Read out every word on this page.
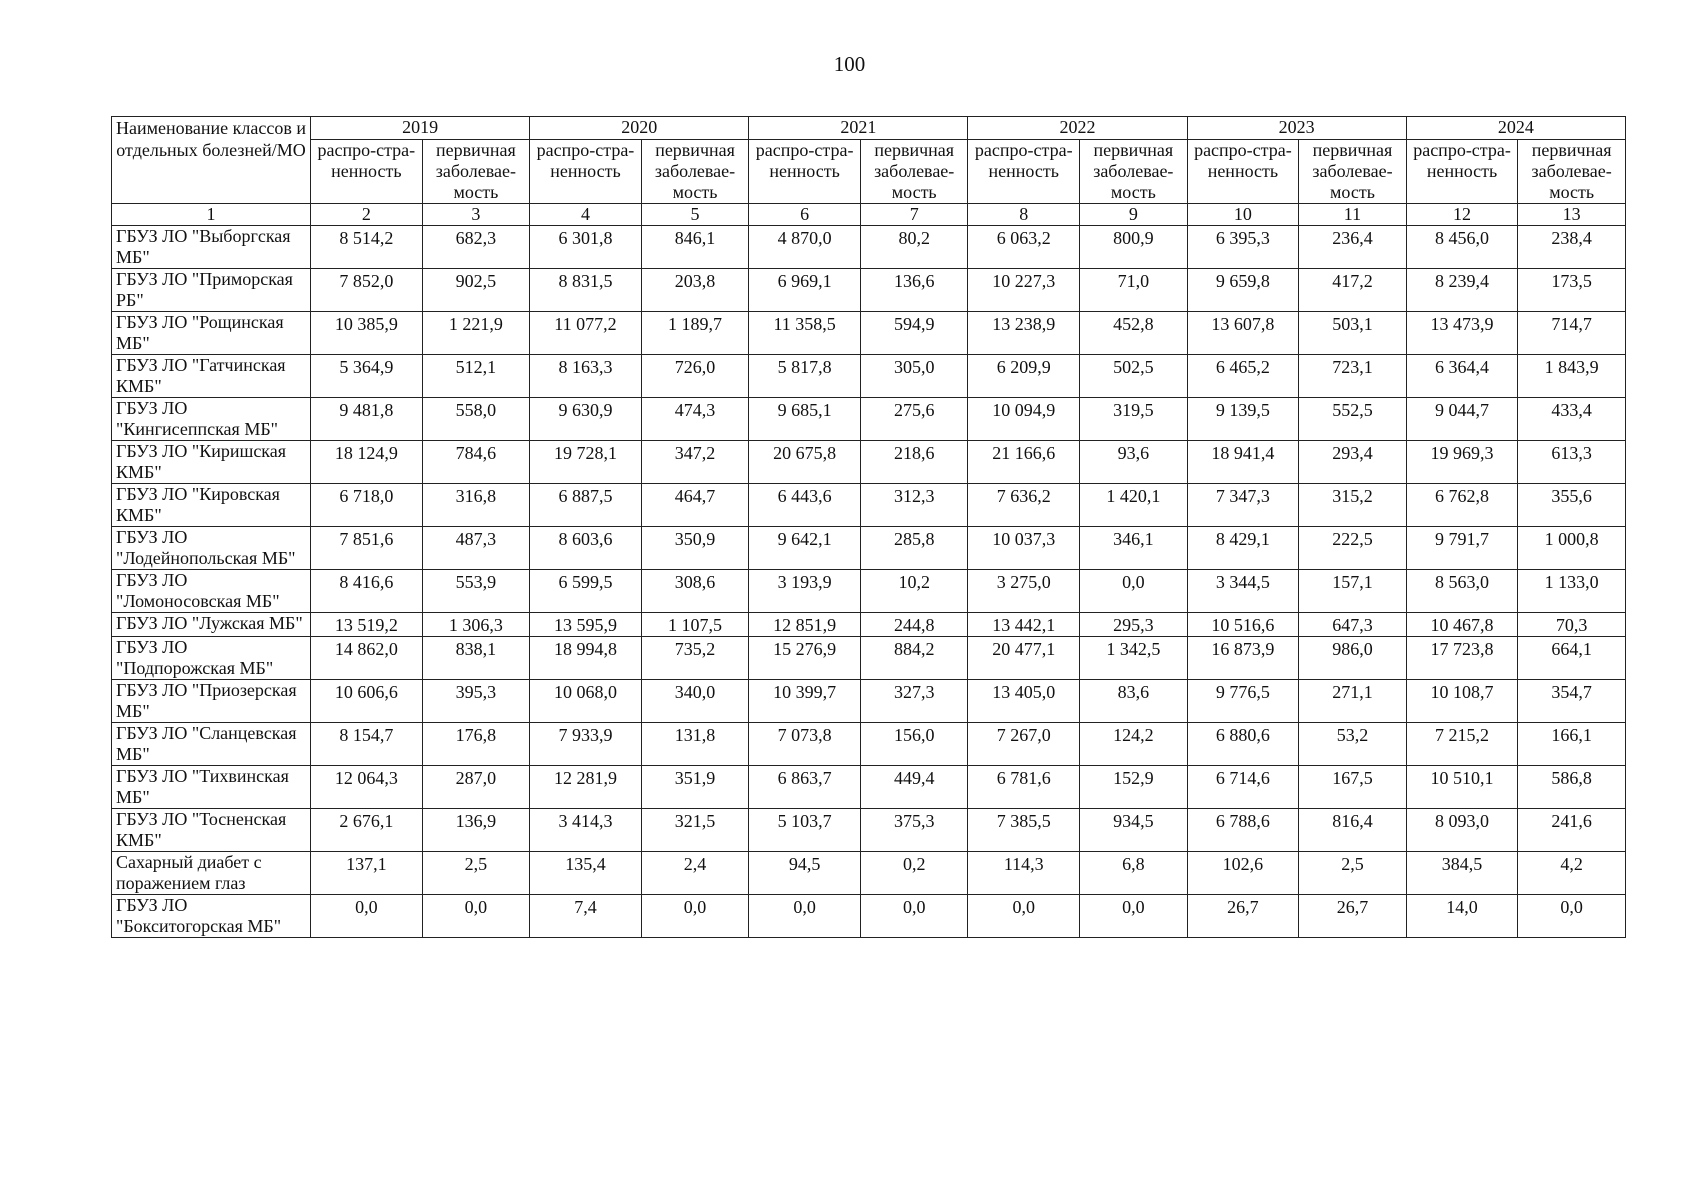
100
Наименование классов и отдельных болезней/МО	2019		2020		2021		2022		2023		2024	
	распро-стра-ненность	первичная заболевае-мость	распро-стра-ненность	первичная заболевае-мость	распро-стра-ненность	первичная заболевае-мость	распро-стра-ненность	первичная заболевае-мость	распро-стра-ненность	первичная заболевае-мость	распро-стра-ненность	первичная заболевае-мость
1	2	3	4	5	6	7	8	9	10	11	12	13
ГБУЗ ЛО "Выборгская МБ"	8 514,2	682,3	6 301,8	846,1	4 870,0	80,2	6 063,2	800,9	6 395,3	236,4	8 456,0	238,4
ГБУЗ ЛО "Приморская РБ"	7 852,0	902,5	8 831,5	203,8	6 969,1	136,6	10 227,3	71,0	9 659,8	417,2	8 239,4	173,5
ГБУЗ ЛО "Рощинская МБ"	10 385,9	1 221,9	11 077,2	1 189,7	11 358,5	594,9	13 238,9	452,8	13 607,8	503,1	13 473,9	714,7
ГБУЗ ЛО "Гатчинская КМБ"	5 364,9	512,1	8 163,3	726,0	5 817,8	305,0	6 209,9	502,5	6 465,2	723,1	6 364,4	1 843,9
ГБУЗ ЛО "Кингисеппская МБ"	9 481,8	558,0	9 630,9	474,3	9 685,1	275,6	10 094,9	319,5	9 139,5	552,5	9 044,7	433,4
ГБУЗ ЛО "Киришская КМБ"	18 124,9	784,6	19 728,1	347,2	20 675,8	218,6	21 166,6	93,6	18 941,4	293,4	19 969,3	613,3
ГБУЗ ЛО "Кировская КМБ"	6 718,0	316,8	6 887,5	464,7	6 443,6	312,3	7 636,2	1 420,1	7 347,3	315,2	6 762,8	355,6
ГБУЗ ЛО "Лодейнопольская МБ"	7 851,6	487,3	8 603,6	350,9	9 642,1	285,8	10 037,3	346,1	8 429,1	222,5	9 791,7	1 000,8
ГБУЗ ЛО "Ломоносовская МБ"	8 416,6	553,9	6 599,5	308,6	3 193,9	10,2	3 275,0	0,0	3 344,5	157,1	8 563,0	1 133,0
ГБУЗ ЛО "Лужская МБ"	13 519,2	1 306,3	13 595,9	1 107,5	12 851,9	244,8	13 442,1	295,3	10 516,6	647,3	10 467,8	70,3
ГБУЗ ЛО "Подпорожская МБ"	14 862,0	838,1	18 994,8	735,2	15 276,9	884,2	20 477,1	1 342,5	16 873,9	986,0	17 723,8	664,1
ГБУЗ ЛО "Приозерская МБ"	10 606,6	395,3	10 068,0	340,0	10 399,7	327,3	13 405,0	83,6	9 776,5	271,1	10 108,7	354,7
ГБУЗ ЛО "Сланцевская МБ"	8 154,7	176,8	7 933,9	131,8	7 073,8	156,0	7 267,0	124,2	6 880,6	53,2	7 215,2	166,1
ГБУЗ ЛО "Тихвинская МБ"	12 064,3	287,0	12 281,9	351,9	6 863,7	449,4	6 781,6	152,9	6 714,6	167,5	10 510,1	586,8
ГБУЗ ЛО "Тосненская КМБ"	2 676,1	136,9	3 414,3	321,5	5 103,7	375,3	7 385,5	934,5	6 788,6	816,4	8 093,0	241,6
Сахарный диабет с поражением глаз	137,1	2,5	135,4	2,4	94,5	0,2	114,3	6,8	102,6	2,5	384,5	4,2
ГБУЗ ЛО "Бокситогорская МБ"	0,0	0,0	7,4	0,0	0,0	0,0	0,0	0,0	26,7	26,7	14,0	0,0
